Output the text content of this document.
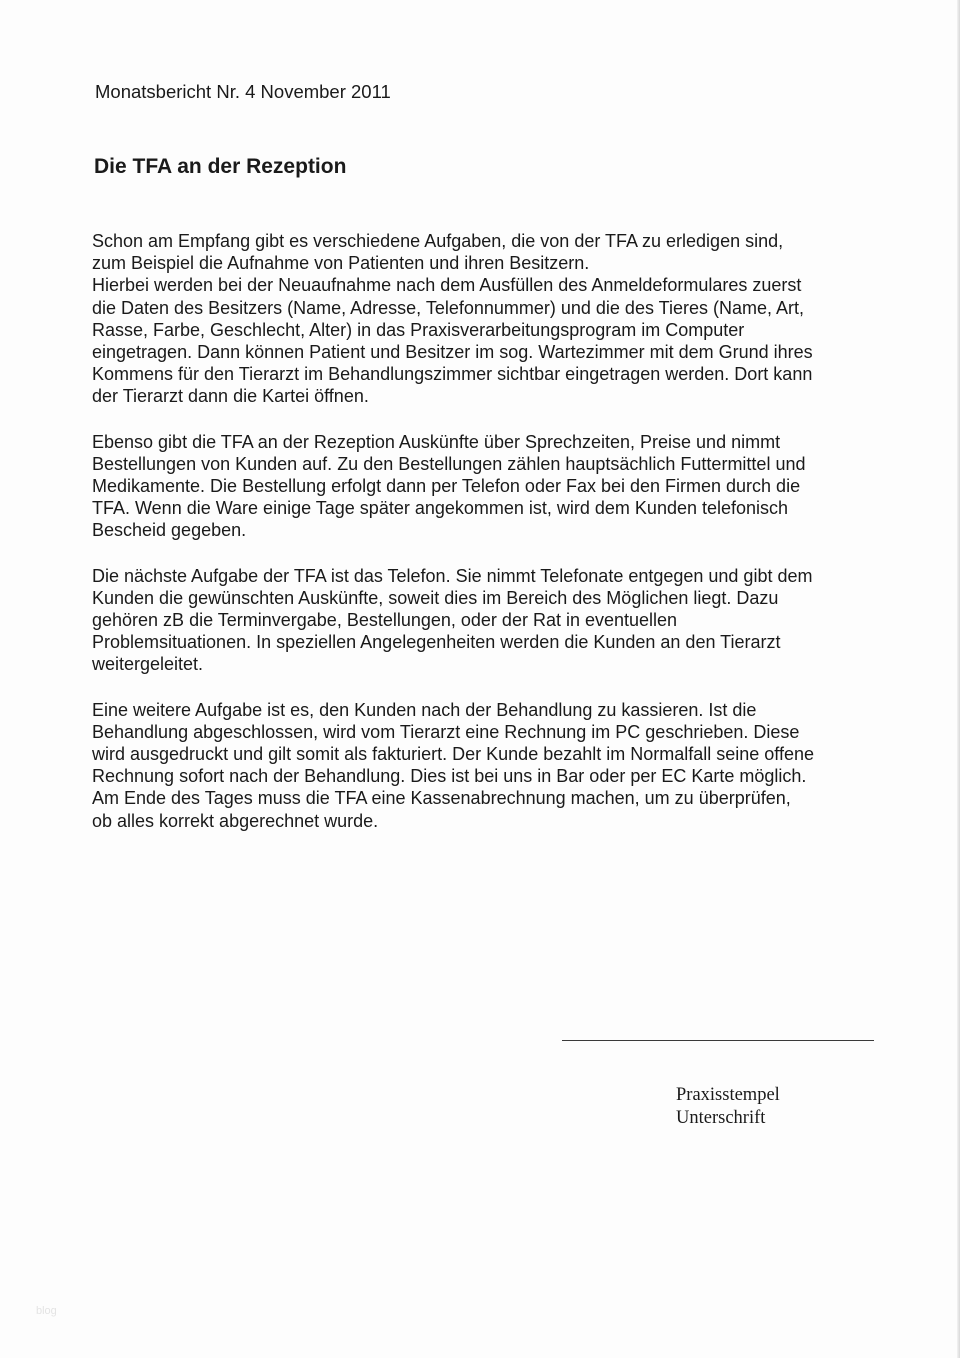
Monatsbericht Nr. 4 November 2011
Die TFA an der Rezeption

Schon am Empfang gibt es verschiedene Aufgaben, die von der TFA zu erledigen sind,
zum Beispiel die Aufnahme von Patienten und ihren Besitzern.
Hierbei werden bei der Neuaufnahme nach dem Ausfüllen des Anmeldeformulares zuerst
die Daten des Besitzers (Name, Adresse, Telefonnummer) und die des Tieres (Name, Art,
Rasse, Farbe, Geschlecht, Alter) in das Praxisverarbeitungsprogram im Computer
eingetragen. Dann können Patient und Besitzer im sog. Wartezimmer mit dem Grund ihres
Kommens für den Tierarzt im Behandlungszimmer sichtbar eingetragen werden. Dort kann
der Tierarzt dann die Kartei öffnen.

Ebenso gibt die TFA an der Rezeption Auskünfte über Sprechzeiten, Preise und nimmt
Bestellungen von Kunden auf. Zu den Bestellungen zählen hauptsächlich Futtermittel und
Medikamente. Die Bestellung erfolgt dann per Telefon oder Fax bei den Firmen durch die
TFA. Wenn die Ware einige Tage später angekommen ist, wird dem Kunden telefonisch
Bescheid gegeben.

Die nächste Aufgabe der TFA ist das Telefon. Sie nimmt Telefonate entgegen und gibt dem
Kunden die gewünschten Auskünfte, soweit dies im Bereich des Möglichen liegt. Dazu
gehören zB die Terminvergabe, Bestellungen, oder der Rat in eventuellen
Problemsituationen. In speziellen Angelegenheiten werden die Kunden an den Tierarzt
weitergeleitet.

Eine weitere Aufgabe ist es, den Kunden nach der Behandlung zu kassieren. Ist die
Behandlung abgeschlossen, wird vom Tierarzt eine Rechnung im PC geschrieben. Diese
wird ausgedruckt und gilt somit als fakturiert. Der Kunde bezahlt im Normalfall seine offene
Rechnung sofort nach der Behandlung. Dies ist bei uns in Bar oder per EC Karte möglich.
Am Ende des Tages muss die TFA eine Kassenabrechnung machen, um zu überprüfen,
ob alles korrekt abgerechnet wurde.

Praxisstempel
Unterschrift
blog
